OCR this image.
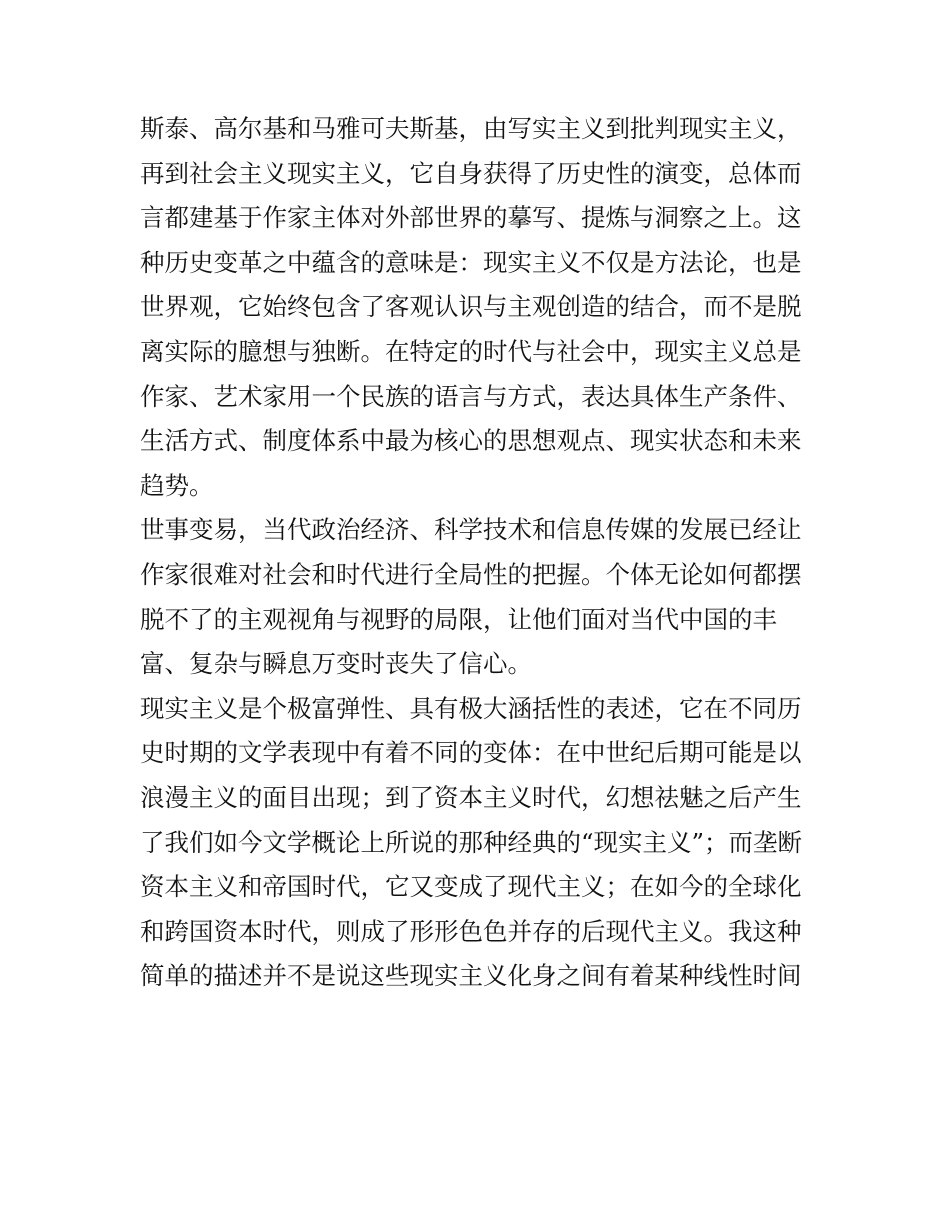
斯泰、高尔基和马雅可夫斯基，由写实主义到批判现实主义，
再到社会主义现实主义，它自身获得了历史性的演变，总体而
言都建基于作家主体对外部世界的摹写、提炼与洞察之上。这
种历史变革之中蕴含的意味是：现实主义不仅是方法论，也是
世界观，它始终包含了客观认识与主观创造的结合，而不是脱
离实际的臆想与独断。在特定的时代与社会中，现实主义总是
作家、艺术家用一个民族的语言与方式，表达具体生产条件、
生活方式、制度体系中最为核心的思想观点、现实状态和未来
趋势。
世事变易，当代政治经济、科学技术和信息传媒的发展已经让
作家很难对社会和时代进行全局性的把握。个体无论如何都摆
脱不了的主观视角与视野的局限，让他们面对当代中国的丰
富、复杂与瞬息万变时丧失了信心。
现实主义是个极富弹性、具有极大涵括性的表述，它在不同历
史时期的文学表现中有着不同的变体：在中世纪后期可能是以
浪漫主义的面目出现；到了资本主义时代，幻想祛魅之后产生
了我们如今文学概论上所说的那种经典的“现实主义”；而垄断
资本主义和帝国时代，它又变成了现代主义；在如今的全球化
和跨国资本时代，则成了形形色色并存的后现代主义。我这种
简单的描述并不是说这些现实主义化身之间有着某种线性时间
